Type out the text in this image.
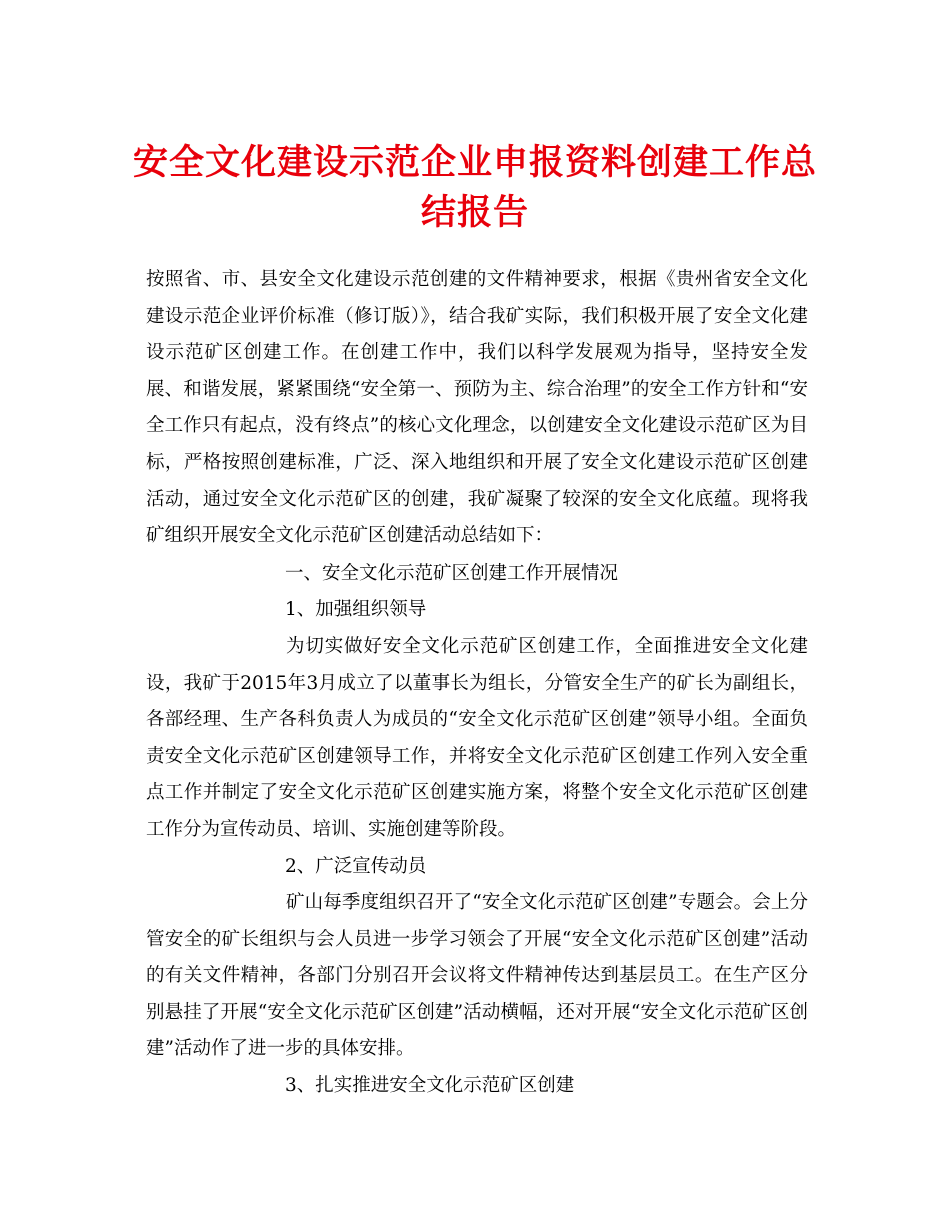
安全文化建设示范企业申报资料创建工作总结报告
按照省、市、县安全文化建设示范创建的文件精神要求，根据《贵州省安全文化建设示范企业评价标准（修订版）》，结合我矿实际，我们积极开展了安全文化建设示范矿区创建工作。在创建工作中，我们以科学发展观为指导，坚持安全发展、和谐发展，紧紧围绕“安全第一、预防为主、综合治理”的安全工作方针和“安全工作只有起点，没有终点”的核心文化理念，以创建安全文化建设示范矿区为目标，严格按照创建标准，广泛、深入地组织和开展了安全文化建设示范矿区创建活动，通过安全文化示范矿区的创建，我矿凝聚了较深的安全文化底蕴。现将我矿组织开展安全文化示范矿区创建活动总结如下：
一、安全文化示范矿区创建工作开展情况
1、加强组织领导
为切实做好安全文化示范矿区创建工作，全面推进安全文化建设，我矿于2015年3月成立了以董事长为组长，分管安全生产的矿长为副组长，各部经理、生产各科负责人为成员的“安全文化示范矿区创建”领导小组。全面负责安全文化示范矿区创建领导工作，并将安全文化示范矿区创建工作列入安全重点工作并制定了安全文化示范矿区创建实施方案，将整个安全文化示范矿区创建工作分为宣传动员、培训、实施创建等阶段。
2、广泛宣传动员
矿山每季度组织召开了“安全文化示范矿区创建”专题会。会上分管安全的矿长组织与会人员进一步学习领会了开展“安全文化示范矿区创建”活动的有关文件精神，各部门分别召开会议将文件精神传达到基层员工。在生产区分别悬挂了开展“安全文化示范矿区创建”活动横幅，还对开展“安全文化示范矿区创建”活动作了进一步的具体安排。
3、扎实推进安全文化示范矿区创建
